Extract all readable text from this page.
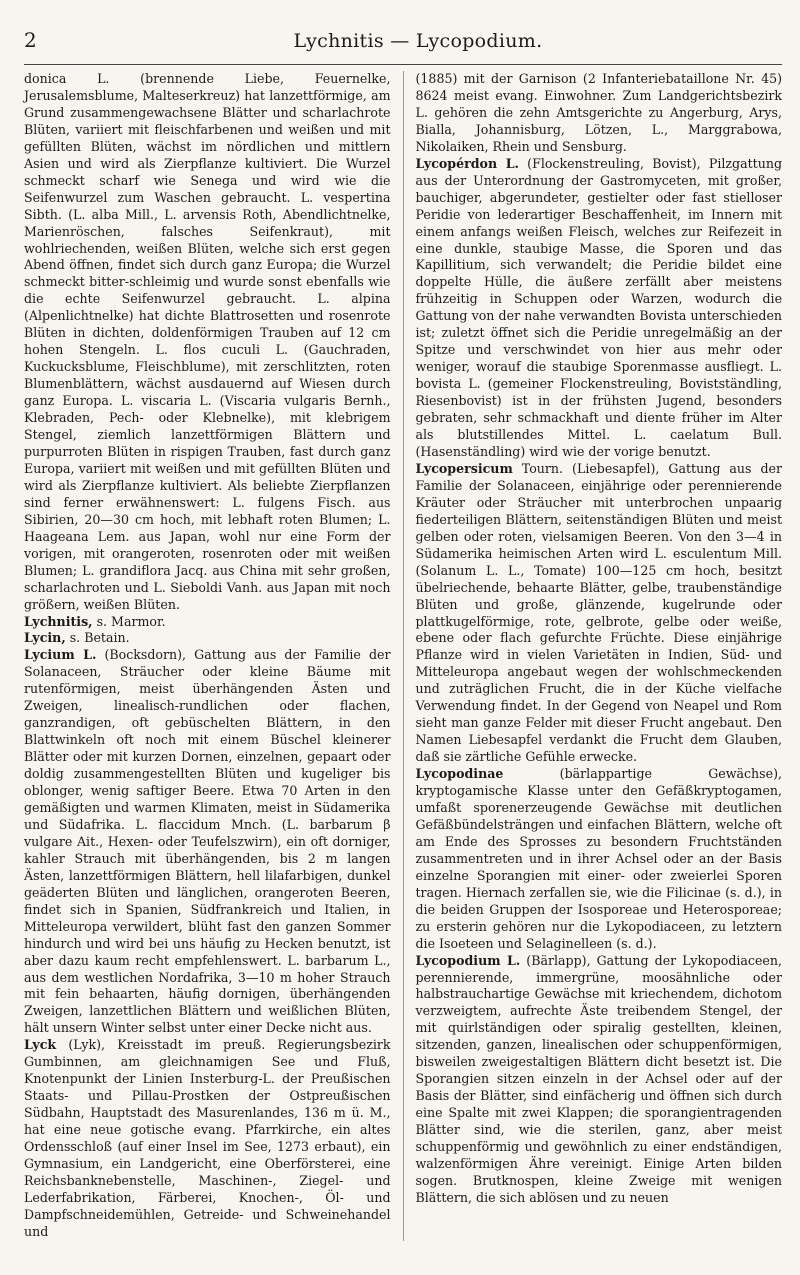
2	Lychnitis — Lycopodium.

donica L. (brennende Liebe, Feuernelke, Jerusalemsblume, Malteserkreuz) hat lanzettförmige, am Grund zusammengewachsene Blätter und scharlachrote Blüten, variiert mit fleischfarbenen und weißen und mit gefüllten Blüten, wächst im nördlichen und mittlern Asien und wird als Zierpflanze kultiviert. Die Wurzel schmeckt scharf wie Senega und wird wie die Seifenwurzel zum Waschen gebraucht. L. vespertina Sibth. (L. alba Mill., L. arvensis Roth, Abendlichtnelke, Marienröschen, falsches Seifenkraut), mit wohlriechenden, weißen Blüten, welche sich erst gegen Abend öffnen, findet sich durch ganz Europa; die Wurzel schmeckt bitter-schleimig und wurde sonst ebenfalls wie die echte Seifenwurzel gebraucht. L. alpina (Alpenlichtnelke) hat dichte Blattrosetten und rosenrote Blüten in dichten, doldenförmigen Trauben auf 12 cm hohen Stengeln. L. flos cuculi L. (Gauchraden, Kuckucksblume, Fleischblume), mit zerschlitzten, roten Blumenblättern, wächst ausdauernd auf Wiesen durch ganz Europa. L. viscaria L. (Viscaria vulgaris Bernh., Klebraden, Pech- oder Klebnelke), mit klebrigem Stengel, ziemlich lanzettförmigen Blättern und purpurroten Blüten in rispigen Trauben, fast durch ganz Europa, variiert mit weißen und mit gefüllten Blüten und wird als Zierpflanze kultiviert. Als beliebte Zierpflanzen sind ferner erwähnenswert: L. fulgens Fisch. aus Sibirien, 20—30 cm hoch, mit lebhaft roten Blumen; L. Haageana Lem. aus Japan, wohl nur eine Form der vorigen, mit orangeroten, rosenroten oder mit weißen Blumen; L. grandiflora Jacq. aus China mit sehr großen, scharlachroten und L. Sieboldi Vanh. aus Japan mit noch größern, weißen Blüten.

Lychnitis, s. Marmor.

Lycin, s. Betain.

Lycium L. (Bocksdorn), Gattung aus der Familie der Solanaceen, Sträucher oder kleine Bäume mit rutenförmigen, meist überhängenden Ästen und Zweigen, linealisch-rundlichen oder flachen, ganzrandigen, oft gebüschelten Blättern, in den Blattwinkeln oft noch mit einem Büschel kleinerer Blätter oder mit kurzen Dornen, einzelnen, gepaart oder doldig zusammengestellten Blüten und kugeliger bis oblonger, wenig saftiger Beere. Etwa 70 Arten in den gemäßigten und warmen Klimaten, meist in Südamerika und Südafrika. L. flaccidum Mnch. (L. barbarum β vulgare Ait., Hexen- oder Teufelszwirn), ein oft dorniger, kahler Strauch mit überhängenden, bis 2 m langen Ästen, lanzettförmigen Blättern, hell lilafarbigen, dunkel geäderten Blüten und länglichen, orangeroten Beeren, findet sich in Spanien, Südfrankreich und Italien, in Mitteleuropa verwildert, blüht fast den ganzen Sommer hindurch und wird bei uns häufig zu Hecken benutzt, ist aber dazu kaum recht empfehlenswert. L. barbarum L., aus dem westlichen Nordafrika, 3—10 m hoher Strauch mit fein behaarten, häufig dornigen, überhängenden Zweigen, lanzettlichen Blättern und weißlichen Blüten, hält unsern Winter selbst unter einer Decke nicht aus.

Lyck (Lyk), Kreisstadt im preuß. Regierungsbezirk Gumbinnen, am gleichnamigen See und Fluß, Knotenpunkt der Linien Insterburg-L. der Preußischen Staats- und Pillau-Prostken der Ostpreußischen Südbahn, Hauptstadt des Masurenlandes, 136 m ü. M., hat eine neue gotische evang. Pfarrkirche, ein altes Ordensschloß (auf einer Insel im See, 1273 erbaut), ein Gymnasium, ein Landgericht, eine Oberförsterei, eine Reichsbanknebenstelle, Maschinen-, Ziegel- und Lederfabrikation, Färberei, Knochen-, Öl- und Dampfschneidemühlen, Getreide- und Schweinehandel und

(1885) mit der Garnison (2 Infanteriebataillone Nr. 45) 8624 meist evang. Einwohner. Zum Landgerichtsbezirk L. gehören die zehn Amtsgerichte zu Angerburg, Arys, Bialla, Johannisburg, Lötzen, L., Marggrabowa, Nikolaiken, Rhein und Sensburg.

Lycopérdon L. (Flockenstreuling, Bovist), Pilzgattung aus der Unterordnung der Gastromyceten, mit großer, bauchiger, abgerundeter, gestielter oder fast stielloser Peridie von lederartiger Beschaffenheit, im Innern mit einem anfangs weißen Fleisch, welches zur Reifezeit in eine dunkle, staubige Masse, die Sporen und das Kapillitium, sich verwandelt; die Peridie bildet eine doppelte Hülle, die äußere zerfällt aber meistens frühzeitig in Schuppen oder Warzen, wodurch die Gattung von der nahe verwandten Bovista unterschieden ist; zuletzt öffnet sich die Peridie unregelmäßig an der Spitze und verschwindet von hier aus mehr oder weniger, worauf die staubige Sporenmasse ausfliegt. L. bovista L. (gemeiner Flockenstreuling, Bovistständling, Riesenbovist) ist in der frühsten Jugend, besonders gebraten, sehr schmackhaft und diente früher im Alter als blutstillendes Mittel. L. caelatum Bull. (Hasenständling) wird wie der vorige benutzt.

Lycopersicum Tourn. (Liebesapfel), Gattung aus der Familie der Solanaceen, einjährige oder perennierende Kräuter oder Sträucher mit unterbrochen unpaarig fiederteiligen Blättern, seitenständigen Blüten und meist gelben oder roten, vielsamigen Beeren. Von den 3—4 in Südamerika heimischen Arten wird L. esculentum Mill. (Solanum L. L., Tomate) 100—125 cm hoch, besitzt übelriechende, behaarte Blätter, gelbe, traubenständige Blüten und große, glänzende, kugelrunde oder plattkugelförmige, rote, gelbrote, gelbe oder weiße, ebene oder flach gefurchte Früchte. Diese einjährige Pflanze wird in vielen Varietäten in Indien, Süd- und Mitteleuropa angebaut wegen der wohlschmeckenden und zuträglichen Frucht, die in der Küche vielfache Verwendung findet. In der Gegend von Neapel und Rom sieht man ganze Felder mit dieser Frucht angebaut. Den Namen Liebesapfel verdankt die Frucht dem Glauben, daß sie zärtliche Gefühle erwecke.

Lycopodinae (bärlappartige Gewächse), kryptogamische Klasse unter den Gefäßkryptogamen, umfaßt sporenerzeugende Gewächse mit deutlichen Gefäßbündelsträngen und einfachen Blättern, welche oft am Ende des Sprosses zu besondern Fruchtständen zusammentreten und in ihrer Achsel oder an der Basis einzelne Sporangien mit einer- oder zweierlei Sporen tragen. Hiernach zerfallen sie, wie die Filicinae (s. d.), in die beiden Gruppen der Isosporeae und Heterosporeae; zu ersterin gehören nur die Lykopodiaceen, zu letztern die Isoeteen und Selaginelleen (s. d.).

Lycopodium L. (Bärlapp), Gattung der Lykopodiaceen, perennierende, immergrüne, moosähnliche oder halbstrauchartige Gewächse mit kriechendem, dichotom verzweigtem, aufrechte Äste treibendem Stengel, der mit quirlständigen oder spiralig gestellten, kleinen, sitzenden, ganzen, linealischen oder schuppenförmigen, bisweilen zweigestaltigen Blättern dicht besetzt ist. Die Sporangien sitzen einzeln in der Achsel oder auf der Basis der Blätter, sind einfächerig und öffnen sich durch eine Spalte mit zwei Klappen; die sporangientragenden Blätter sind, wie die sterilen, ganz, aber meist schuppenförmig und gewöhnlich zu einer endständigen, walzenförmigen Ähre vereinigt. Einige Arten bilden sogen. Brutknospen, kleine Zweige mit wenigen Blättern, die sich ablösen und zu neuen
